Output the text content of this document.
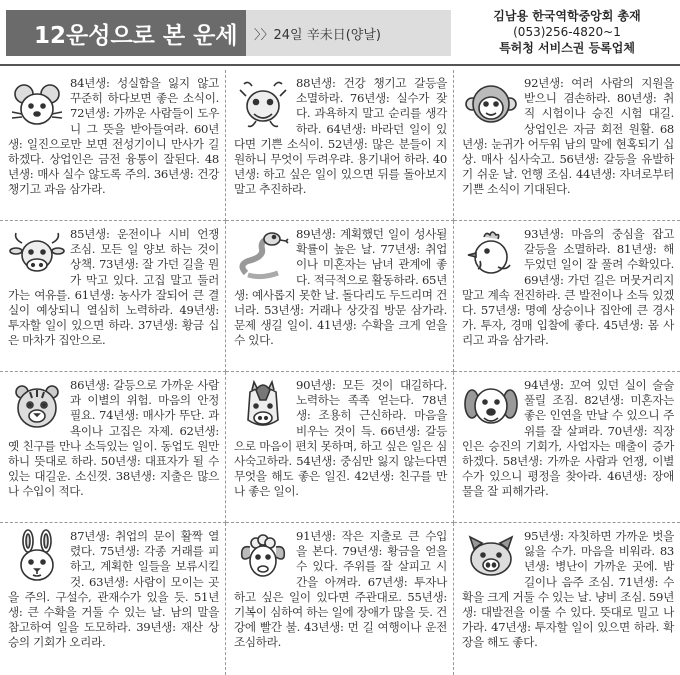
12운성으로 본 운세	〉〉24일 辛未日(양날)
김남용 한국역학중앙회 총재
(053)256-4820~1
특허청 서비스권 등록업체
84년생: 성실함을 잃지 않고 꾸준히 하다보면 좋은 소식이. 72년생: 가까운 사람들이 도우니 그 뜻을 받아들여라. 60년생: 일진으로만 보면 전성기이니 만사가 길하겠다. 상업인은 금전 융통이 잘된다. 48년생: 매사 실수 않도록 주의. 36년생: 건강 챙기고 과음 삼가라.
88년생: 건강 챙기고 갈등을 소멸하라. 76년생: 실수가 잦다. 과욕하지 말고 순리를 생각하라. 64년생: 바라던 일이 있다면 기쁜 소식이. 52년생: 많은 분들이 지원하니 무엇이 두려우랴. 용기내어 하라. 40년생: 하고 싶은 일이 있으면 뒤를 돌아보지 말고 추진하라.
92년생: 여러 사람의 지원을 받으니 겸손하라. 80년생: 취직 시험이나 승진 시험 대길. 상업인은 자금 회전 원활. 68년생: 눈귀가 어두워 남의 말에 현혹되기 십상. 매사 심사숙고. 56년생: 갈등을 유발하기 쉬운 날. 언행 조심. 44년생: 자녀로부터 기쁜 소식이 기대된다.
85년생: 운전이나 시비 언쟁 조심. 모든 일 양보 하는 것이 상책. 73년생: 잘 가던 길을 뭔가 막고 있다. 고집 말고 둘러가는 여유를. 61년생: 농사가 잘되어 큰 결실이 예상되니 열심히 노력하라. 49년생: 투자할 일이 있으면 하라. 37년생: 황금 십은 마차가 집안으로.
89년생: 계획했던 일이 성사될 확률이 높은 날. 77년생: 취업이나 미혼자는 남녀 관계에 좋다. 적극적으로 활동하라. 65년생: 예사롭지 못한 날. 돌다리도 두드리며 건너라. 53년생: 거래나 상갓집 방문 삼가라. 문제 생길 일이. 41년생: 수확을 크게 얻을 수 있다.
93년생: 마음의 중심을 잡고 갈등을 소멸하라. 81년생: 해두었던 일이 잘 풀려 수확있다. 69년생: 가던 길은 머뭇거리지 말고 계속 전진하라. 큰 발전이나 소득 있겠다. 57년생: 명예 상승이나 집안에 큰 경사가. 투자, 경매 입찰에 좋다. 45년생: 몸 사리고 과음 삼가라.
86년생: 갈등으로 가까운 사람과 이별의 위험. 마음의 안정 필요. 74년생: 매사가 뚜단. 과욕이나 고집은 자제. 62년생: 옛 친구를 만나 소득있는 일이. 동업도 원만하니 뜻대로 하라. 50년생: 대표자가 될 수 있는 대길운. 소신껏. 38년생: 지출은 많으나 수입이 적다.
90년생: 모든 것이 대길하다. 노력하는 족족 얻는다. 78년생: 조용히 근신하라. 마음을 비우는 것이 득. 66년생: 갈등으로 마음이 편치 못하며, 하고 싶은 일은 심사숙고하라. 54년생: 중심만 잃지 않는다면 무엇을 해도 좋은 일진. 42년생: 친구를 만나 좋은 일이.
94년생: 꼬여 있던 실이 술술 풀릴 조짐. 82년생: 미혼자는 좋은 인연을 만날 수 있으니 주위를 잘 살펴라. 70년생: 직장인은 승진의 기회가, 사업자는 매출이 증가하겠다. 58년생: 가까운 사람과 언쟁, 이별수가 있으니 평정을 찾아라. 46년생: 장애물을 잘 피해가라.
87년생: 취업의 문이 활짝 열렸다. 75년생: 각종 거래를 피하고, 계획한 일들을 보류시킬 것. 63년생: 사람이 모이는 곳을 주의. 구설수, 관재수가 있을 듯. 51년생: 큰 수확을 거둘 수 있는 날. 남의 말을 참고하여 일을 도모하라. 39년생: 재산 상승의 기회가 오리라.
91년생: 작은 지출로 큰 수입을 본다. 79년생: 황금을 얻을 수 있다. 주위를 잘 살피고 시간을 아껴라. 67년생: 투자나 하고 싶은 일이 있다면 주관대로. 55년생: 기복이 심하여 하는 일에 장애가 많을 듯. 건강에 빨간 불. 43년생: 먼 길 여행이나 운전 조심하라.
95년생: 자칫하면 가까운 벗을 잃을 수가. 마음을 비워라. 83년생: 병난이 가까운 곳에. 밤길이나 음주 조심. 71년생: 수확을 크게 거둘 수 있는 날. 냥비 조심. 59년생: 대발전을 이룰 수 있다. 뜻대로 밀고 나가라. 47년생: 투자할 일이 있으면 하라. 확장을 해도 좋다.
